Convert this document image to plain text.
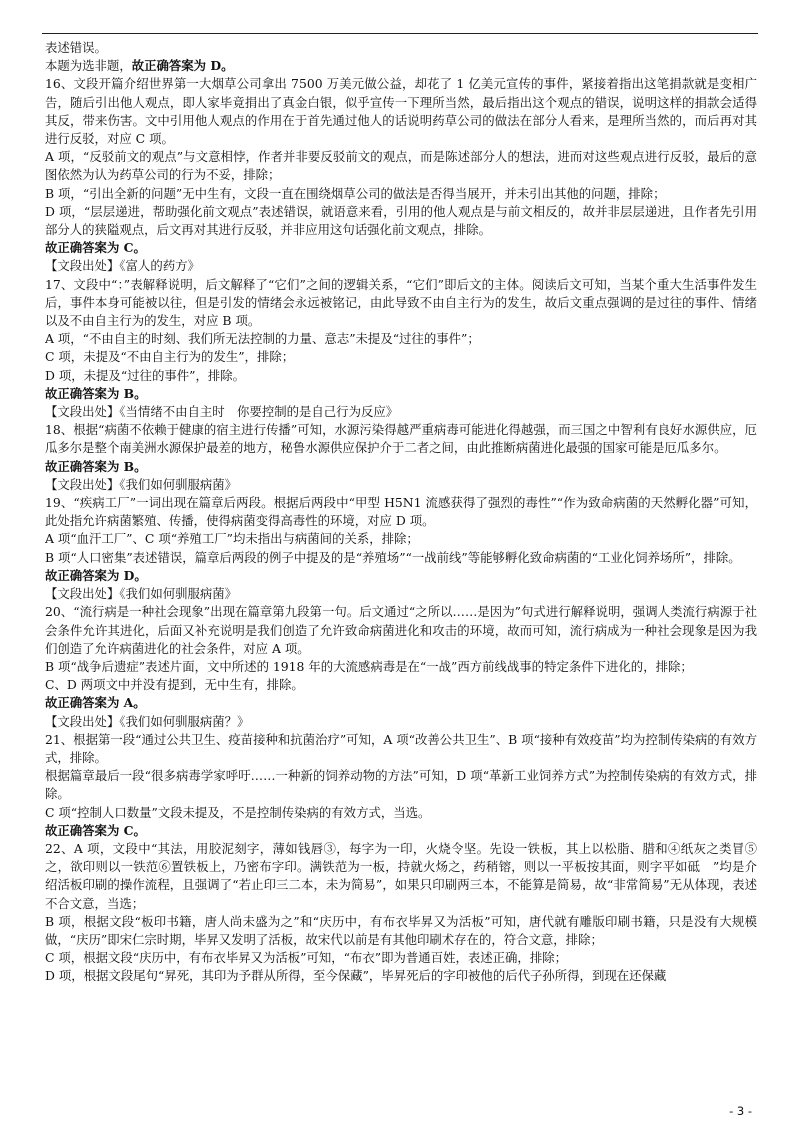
表述错误。

本题为选非题，故正确答案为 D。

16、文段开篇介绍世界第一大烟草公司拿出 7500 万美元做公益，却花了 1 亿美元宣传的事件，紧接着指出这笔捐款就是变相广告，随后引出他人观点，即人家毕竟捐出了真金白银，似乎宣传一下理所当然，最后指出这个观点的错误，说明这样的捐款会适得其反，带来伤害。文中引用他人观点的作用在于首先通过他人的话说明药草公司的做法在部分人看来，是理所当然的，而后再对其进行反驳，对应 C 项。

A 项，“反驳前文的观点”与文意相悖，作者并非要反驳前文的观点，而是陈述部分人的想法，进而对这些观点进行反驳，最后的意图依然为认为药草公司的行为不妥，排除；

B 项，“引出全新的问题”无中生有，文段一直在围绕烟草公司的做法是否得当展开，并未引出其他的问题，排除；

D 项，“层层递进，帮助强化前文观点”表述错误，就语意来看，引用的他人观点是与前文相反的，故并非层层递进，且作者先引用部分人的狭隘观点，后文再对其进行反驳，并非应用这句话强化前文观点，排除。

故正确答案为 C。

【文段出处】《富人的药方》

17、文段中“：”表解释说明，后文解释了“它们”之间的逻辑关系，“它们”即后文的主体。阅读后文可知，当某个重大生活事件发生后，事件本身可能被以往，但是引发的情绪会永远被铭记，由此导致不由自主行为的发生，故后文重点强调的是过往的事件、情绪以及不由自主行为的发生，对应 B 项。

A 项，“不由自主的时刻、我们所无法控制的力量、意志”未提及“过往的事件”；

C 项，未提及“不由自主行为的发生”，排除；

D 项，未提及“过往的事件”，排除。

故正确答案为 B。

【文段出处】《当情绪不由自主时　你要控制的是自己行为反应》

18、根据“病菌不依赖于健康的宿主进行传播”可知，水源污染得越严重病毒可能进化得越强，而三国之中智利有良好水源供应，厄瓜多尔是整个南美洲水源保护最差的地方，秘鲁水源供应保护介于二者之间，由此推断病菌进化最强的国家可能是厄瓜多尔。

故正确答案为 B。

【文段出处】《我们如何驯服病菌》

19、“疾病工厂”一词出现在篇章后两段。根据后两段中“甲型 H5N1 流感获得了强烈的毒性”“作为致命病菌的天然孵化器”可知，此处指允许病菌繁殖、传播，使得病菌变得高毒性的环境，对应 D 项。

A 项“血汗工厂”、C 项“养殖工厂”均未指出与病菌间的关系，排除；

B 项“人口密集”表述错误，篇章后两段的例子中提及的是“养殖场”“一战前线”等能够孵化致命病菌的“工业化饲养场所”，排除。

故正确答案为 D。

【文段出处】《我们如何驯服病菌》

20、“流行病是一种社会现象”出现在篇章第九段第一句。后文通过“之所以……是因为”句式进行解释说明，强调人类流行病源于社会条件允许其进化，后面又补充说明是我们创造了允许致命病菌进化和攻击的环境，故而可知，流行病成为一种社会现象是因为我们创造了允许病菌进化的社会条件，对应 A 项。

B 项“战争后遗症”表述片面，文中所述的 1918 年的大流感病毒是在“一战”西方前线战事的特定条件下进化的，排除；

C、D 两项文中并没有提到，无中生有，排除。

故正确答案为 A。

【文段出处】《我们如何驯服病菌？》

21、根据第一段“通过公共卫生、疫苗接种和抗菌治疗”可知，A 项“改善公共卫生”、B 项“接种有效疫苗”均为控制传染病的有效方式，排除。

根据篇章最后一段“很多病毒学家呼吁……一种新的饲养动物的方法”可知，D 项“革新工业饲养方式”为控制传染病的有效方式，排除。

C 项“控制人口数量”文段未提及，不是控制传染病的有效方式，当选。

故正确答案为 C。

22、A 项，文段中“其法，用胶泥刻字，薄如钱唇③，每字为一印，火烧令坚。先设一铁板，其上以松脂、腊和④纸灰之类冒⑤之，欲印则以一铁范⑥置铁板上，乃密布字印。满铁范为一板，持就火炀之，药稍镕，则以一平板按其面，则字平如砥　”均是介绍活板印刷的操作流程，且强调了“若止印三二本，未为简易”，如果只印刷两三本，不能算是简易，故“非常简易”无从体现，表述不合文意，当选；

B 项，根据文段“板印书籍，唐人尚未盛为之”和“庆历中，有布衣毕昇又为活板”可知，唐代就有雕版印刷书籍，只是没有大规模做，“庆历”即宋仁宗时期，毕昇又发明了活板，故宋代以前是有其他印刷术存在的，符合文意，排除；

C 项，根据文段“庆历中，有布衣毕昇又为活板”可知，“布衣”即为普通百姓，表述正确，排除；

D 项，根据文段尾句“昇死，其印为予群从所得，至今保藏”，毕昇死后的字印被他的后代子孙所得，到现在还保藏

- 3 -
